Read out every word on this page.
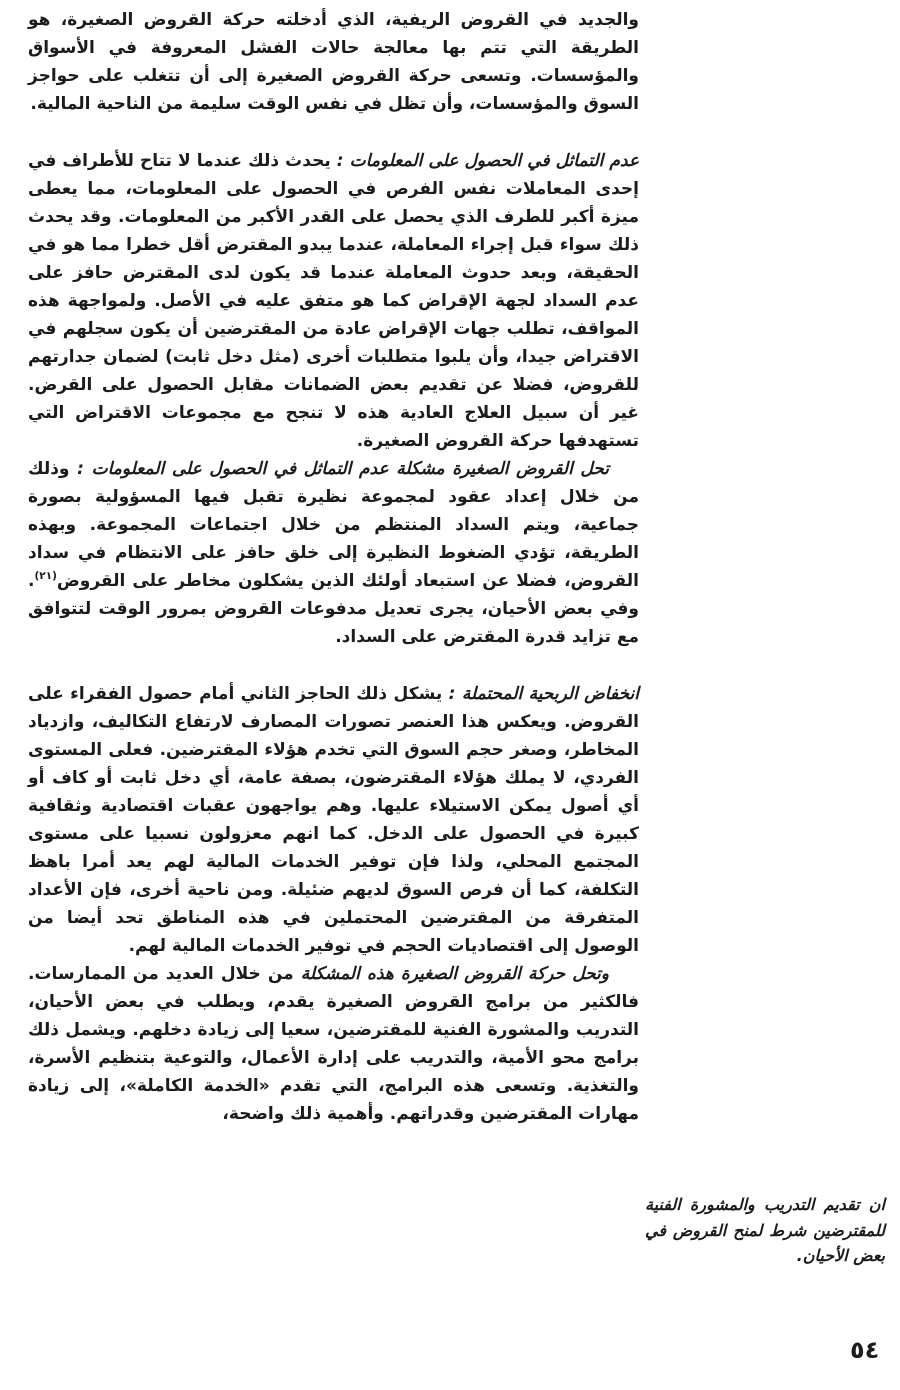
والجديد في القروض الريفية، الذي أدخلته حركة القروض الصغيرة، هو الطريقة التي تتم بها معالجة حالات الفشل المعروفة في الأسواق والمؤسسات. وتسعى حركة القروض الصغيرة إلى أن تتغلب على حواجز السوق والمؤسسات، وأن تظل في نفس الوقت سليمة من الناحية المالية.

عدم التماثل في الحصول على المعلومات : يحدث ذلك عندما لا تتاح للأطراف في إحدى المعاملات نفس الفرص في الحصول على المعلومات، مما يعطى ميزة أكبر للطرف الذي يحصل على القدر الأكبر من المعلومات. وقد يحدث ذلك سواء قبل إجراء المعاملة، عندما يبدو المقترض أقل خطرا مما هو في الحقيقة، وبعد حدوث المعاملة عندما قد يكون لدى المقترض حافز على عدم السداد لجهة الإقراض كما هو متفق عليه في الأصل. ولمواجهة هذه المواقف، تطلب جهات الإقراض عادة من المقترضين أن يكون سجلهم في الاقتراض جيدا، وأن يلبوا متطلبات أخرى (مثل دخل ثابت) لضمان جدارتهم للقروض، فضلا عن تقديم بعض الضمانات مقابل الحصول على القرض. غير أن سبيل العلاج العادية هذه لا تنجح مع مجموعات الاقتراض التي تستهدفها حركة القروض الصغيرة.

تحل القروض الصغيرة مشكلة عدم التماثل في الحصول على المعلومات : وذلك من خلال إعداد عقود لمجموعة نظيرة تقبل فيها المسؤولية بصورة جماعية، ويتم السداد المنتظم من خلال اجتماعات المجموعة. وبهذه الطريقة، تؤدي الضغوط النظيرة إلى خلق حافز على الانتظام في سداد القروض، فضلا عن استبعاد أولئك الذين يشكلون مخاطر على القروض$^{(٢١)}$. وفي بعض الأحيان، يجرى تعديل مدفوعات القروض بمرور الوقت لتتوافق مع تزايد قدرة المقترض على السداد.

انخفاض الربحية المحتملة : يشكل ذلك الحاجز الثاني أمام حصول الفقراء على القروض. ويعكس هذا العنصر تصورات المصارف لارتفاع التكاليف، وازدياد المخاطر، وصغر حجم السوق التي تخدم هؤلاء المقترضين. فعلى المستوى الفردي، لا يملك هؤلاء المقترضون، بصفة عامة، أي دخل ثابت أو كاف أو أي أصول يمكن الاستيلاء عليها. وهم يواجهون عقبات اقتصادية وثقافية كبيرة في الحصول على الدخل. كما انهم معزولون نسبيا على مستوى المجتمع المحلي، ولذا فإن توفير الخدمات المالية لهم يعد أمرا باهظ التكلفة، كما أن فرص السوق لديهم ضئيلة. ومن ناحية أخرى، فإن الأعداد المتفرقة من المقترضين المحتملين في هذه المناطق تحد أيضا من الوصول إلى اقتصاديات الحجم في توفير الخدمات المالية لهم.

وتحل حركة القروض الصغيرة هذه المشكلة من خلال العديد من الممارسات. فالكثير من برامج القروض الصغيرة يقدم، ويطلب في بعض الأحيان، التدريب والمشورة الفنية للمقترضين، سعيا إلى زيادة دخلهم. ويشمل ذلك برامج محو الأمية، والتدريب على إدارة الأعمال، والتوعية بتنظيم الأسرة، والتغذية. وتسعى هذه البرامج، التي تقدم «الخدمة الكاملة»، إلى زيادة مهارات المقترضين وقدراتهم. وأهمية ذلك واضحة،

ان تقديم التدريب والمشورة الفنية للمقترضين شرط لمنح القروض في بعض الأحيان.
٥٤
